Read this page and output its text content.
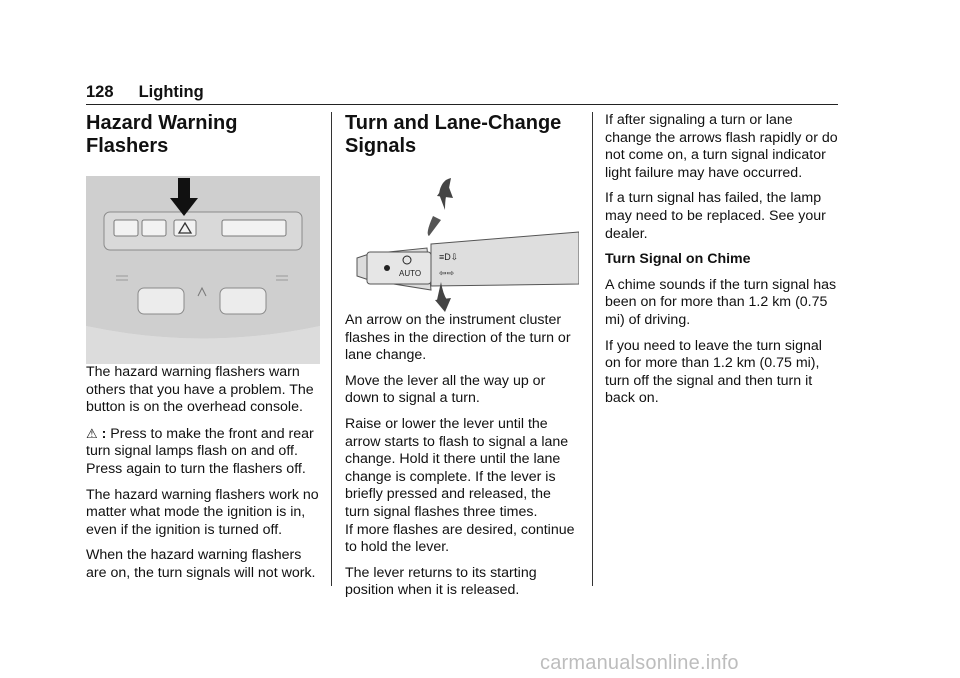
128 Lighting
Hazard Warning Flashers

The hazard warning flashers warn others that you have a problem. The button is on the overhead console.

⚠ : Press to make the front and rear turn signal lamps flash on and off. Press again to turn the flashers off.

The hazard warning flashers work no matter what mode the ignition is in, even if the ignition is turned off.

When the hazard warning flashers are on, the turn signals will not work.

Turn and Lane-Change
Signals
AUTO
≡D⇩
⇦⇨

An arrow on the instrument cluster flashes in the direction of the turn or lane change.

Move the lever all the way up or down to signal a turn.

Raise or lower the lever until the arrow starts to flash to signal a lane change. Hold it there until the lane change is complete. If the lever is briefly pressed and released, the turn signal flashes three times.

If more flashes are desired, continue to hold the lever.

The lever returns to its starting position when it is released.

If after signaling a turn or lane change the arrows flash rapidly or do not come on, a turn signal indicator light failure may have occurred.

If a turn signal has failed, the lamp may need to be replaced. See your dealer.

Turn Signal on Chime

A chime sounds if the turn signal has been on for more than 1.2 km (0.75 mi) of driving.

If you need to leave the turn signal on for more than 1.2 km (0.75 mi), turn off the signal and then turn it back on.

carmanualsonline.info
